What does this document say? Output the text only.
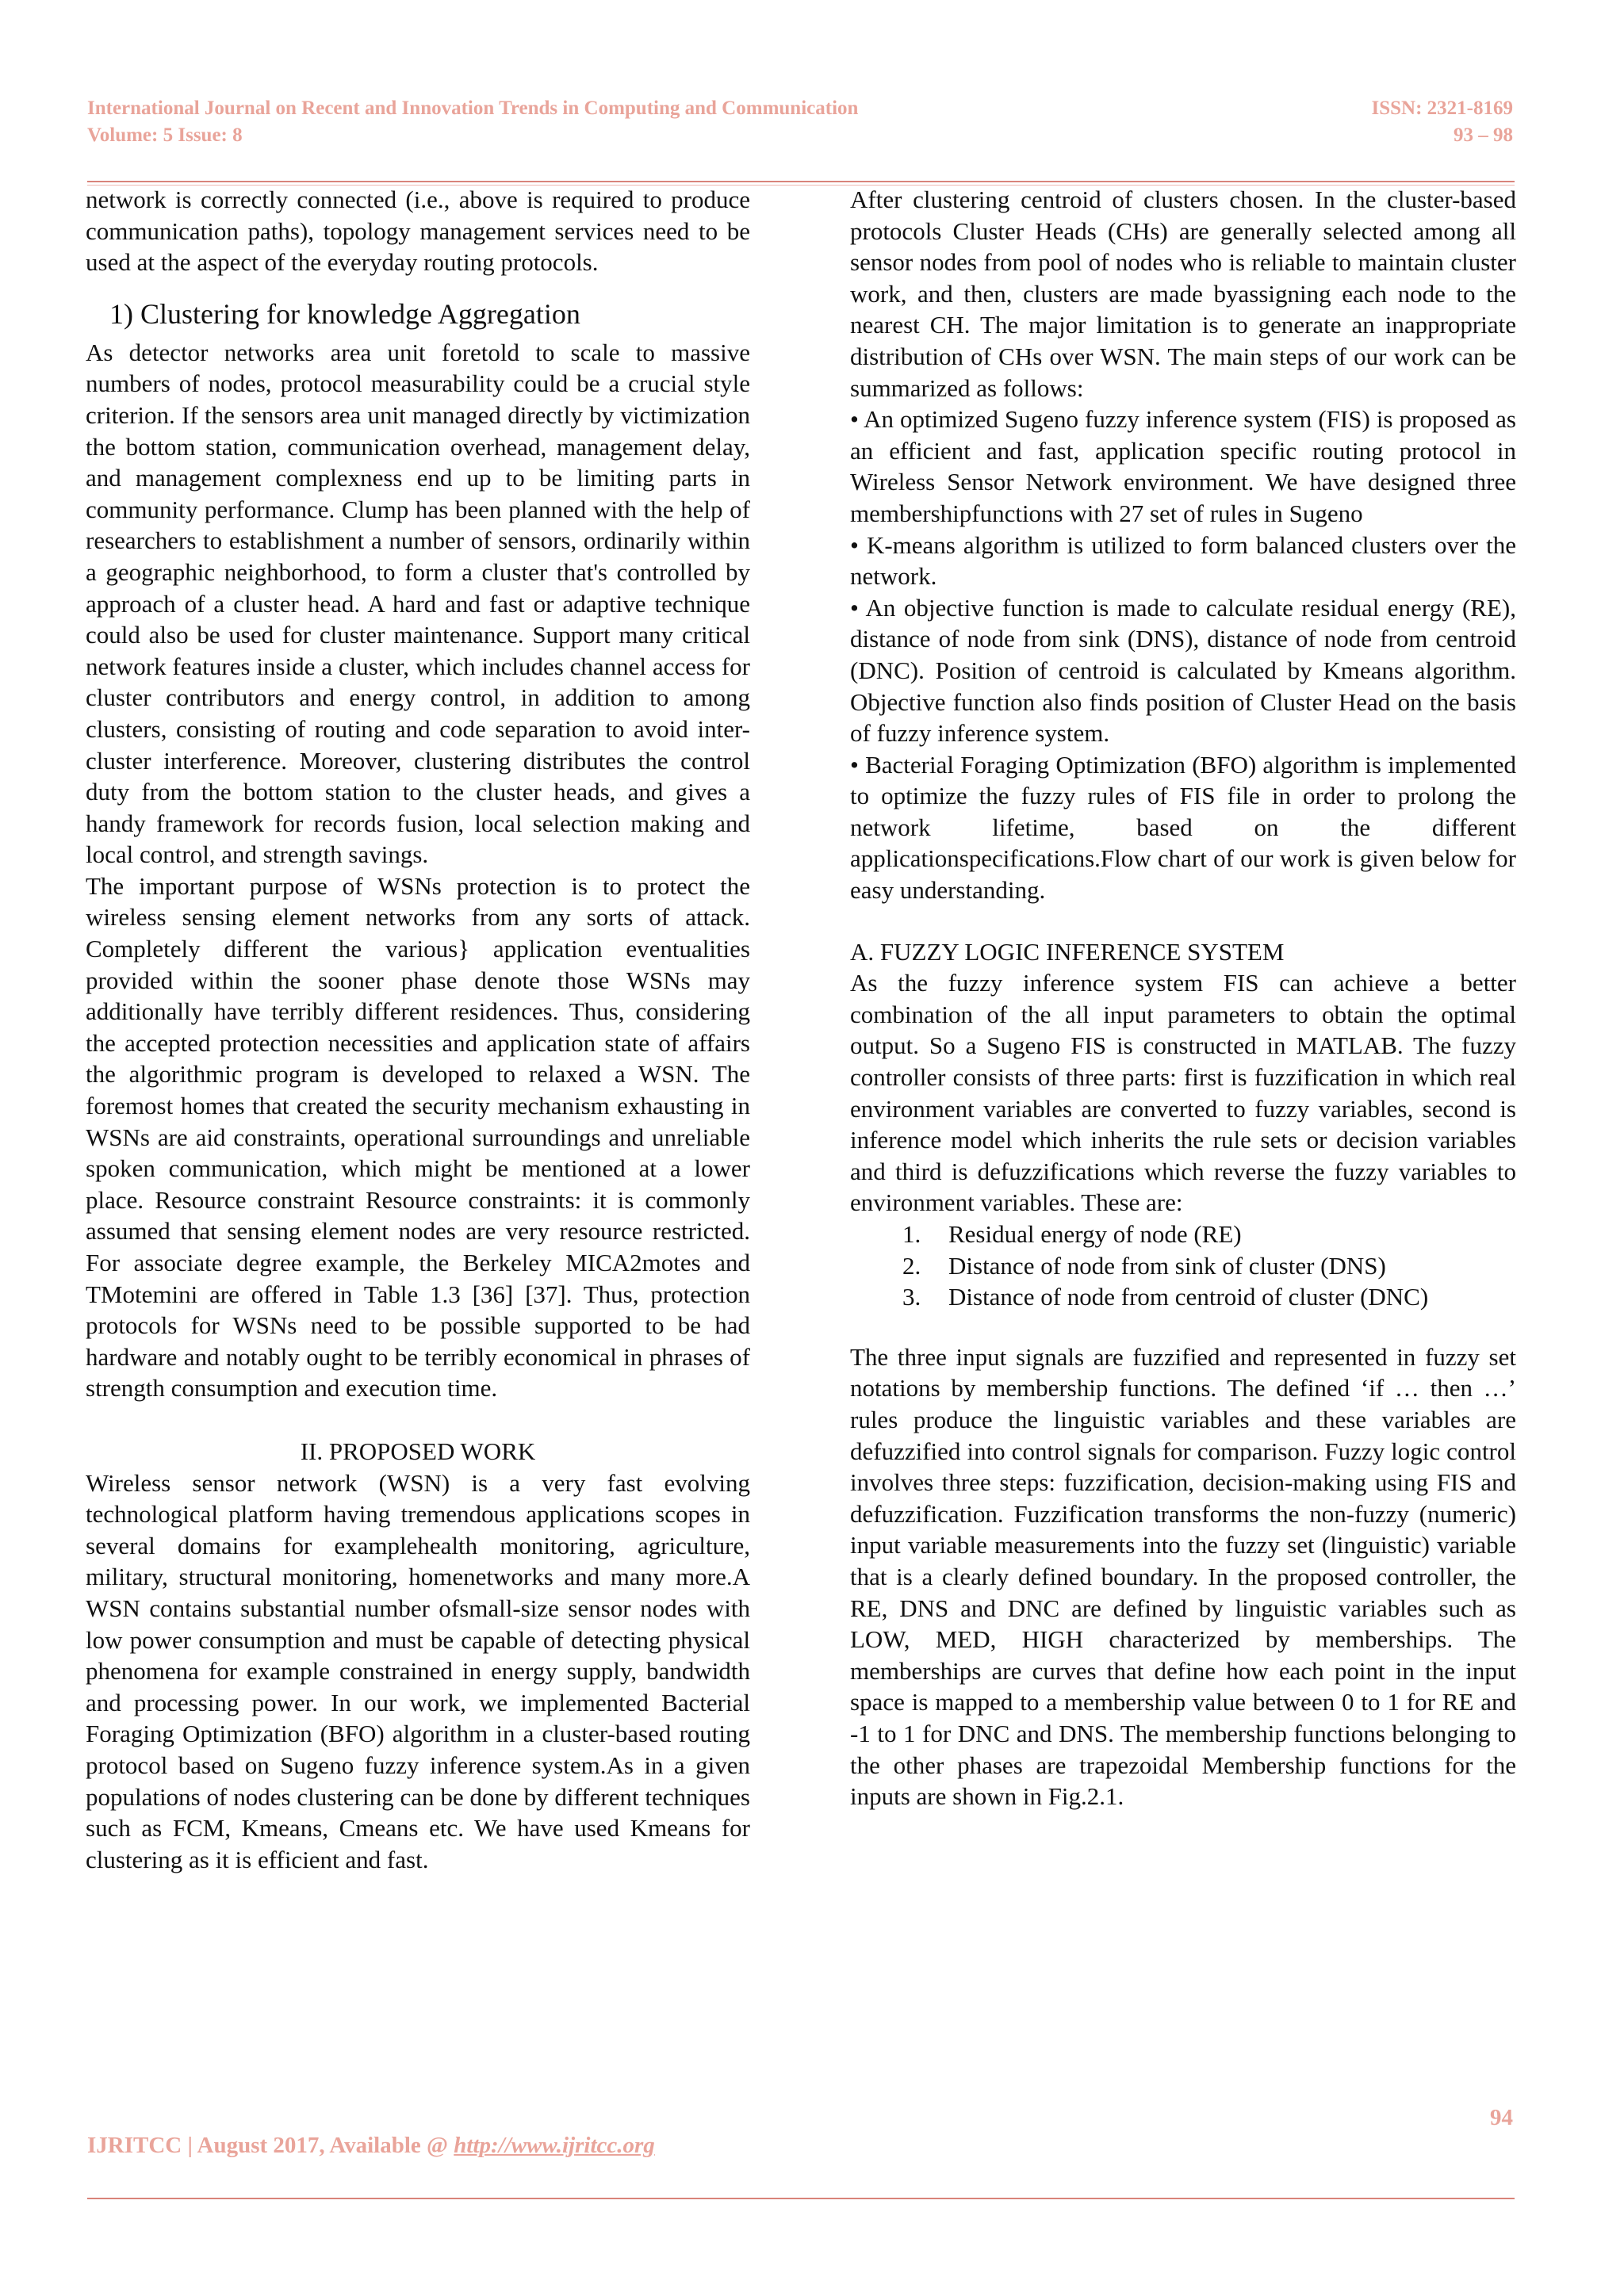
International Journal on Recent and Innovation Trends in Computing and Communication
Volume: 5 Issue: 8
ISSN: 2321-8169
93 – 98

network is correctly connected (i.e., above is required to produce communication paths), topology management services need to be used at the aspect of the everyday routing protocols.

1) Clustering for knowledge Aggregation

As detector networks area unit foretold to scale to massive numbers of nodes, protocol measurability could be a crucial style criterion. If the sensors area unit managed directly by victimization the bottom station, communication overhead, management delay, and management complexness end up to be limiting parts in community performance. Clump has been planned with the help of researchers to establishment a number of sensors, ordinarily within a geographic neighborhood, to form a cluster that's controlled by approach of a cluster head. A hard and fast or adaptive technique could also be used for cluster maintenance. Support many critical network features inside a cluster, which includes channel access for cluster contributors and energy control, in addition to among clusters, consisting of routing and code separation to avoid inter-cluster interference. Moreover, clustering distributes the control duty from the bottom station to the cluster heads, and gives a handy framework for records fusion, local selection making and local control, and strength savings.

The important purpose of WSNs protection is to protect the wireless sensing element networks from any sorts of attack. Completely different the various} application eventualities provided within the sooner phase denote those WSNs may additionally have terribly different residences. Thus, considering the accepted protection necessities and application state of affairs the algorithmic program is developed to relaxed a WSN. The foremost homes that created the security mechanism exhausting in WSNs are aid constraints, operational surroundings and unreliable spoken communication, which might be mentioned at a lower place. Resource constraint Resource constraints: it is commonly assumed that sensing element nodes are very resource restricted. For associate degree example, the Berkeley MICA2motes and TMotemini are offered in Table 1.3 [36] [37]. Thus, protection protocols for WSNs need to be possible supported to be had hardware and notably ought to be terribly economical in phrases of strength consumption and execution time.

II. PROPOSED WORK

Wireless sensor network (WSN) is a very fast evolving technological platform having tremendous applications scopes in several domains for examplehealth monitoring, agriculture, military, structural monitoring, homenetworks and many more.A WSN contains substantial number ofsmall-size sensor nodes with low power consumption and must be capable of detecting physical phenomena for example constrained in energy supply, bandwidth and processing power. In our work, we implemented Bacterial Foraging Optimization (BFO) algorithm in a cluster-based routing protocol based on Sugeno fuzzy inference system.As in a given populations of nodes clustering can be done by different techniques such as FCM, Kmeans, Cmeans etc. We have used Kmeans for clustering as it is efficient and fast.

After clustering centroid of clusters chosen. In the cluster-based protocols Cluster Heads (CHs) are generally selected among all sensor nodes from pool of nodes who is reliable to maintain cluster work, and then, clusters are made byassigning each node to the nearest CH. The major limitation is to generate an inappropriate distribution of CHs over WSN. The main steps of our work can be summarized as follows:

• An optimized Sugeno fuzzy inference system (FIS) is proposed as an efficient and fast, application specific routing protocol in Wireless Sensor Network environment. We have designed three membershipfunctions with 27 set of rules in Sugeno

• K-means algorithm is utilized to form balanced clusters over the network.

• An objective function is made to calculate residual energy (RE), distance of node from sink (DNS), distance of node from centroid (DNC). Position of centroid is calculated by Kmeans algorithm. Objective function also finds position of Cluster Head on the basis of fuzzy inference system.

• Bacterial Foraging Optimization (BFO) algorithm is implemented to optimize the fuzzy rules of FIS file in order to prolong the network lifetime, based on the different applicationspecifications.Flow chart of our work is given below for easy understanding.

A. FUZZY LOGIC INFERENCE SYSTEM

As the fuzzy inference system FIS can achieve a better combination of the all input parameters to obtain the optimal output. So a Sugeno FIS is constructed in MATLAB. The fuzzy controller consists of three parts: first is fuzzification in which real environment variables are converted to fuzzy variables, second is inference model which inherits the rule sets or decision variables and third is defuzzifications which reverse the fuzzy variables to environment variables. These are:

1. Residual energy of node (RE)
2. Distance of node from sink of cluster (DNS)
3. Distance of node from centroid of cluster (DNC)

The three input signals are fuzzified and represented in fuzzy set notations by membership functions. The defined ‘if … then …’ rules produce the linguistic variables and these variables are defuzzified into control signals for comparison. Fuzzy logic control involves three steps: fuzzification, decision-making using FIS and defuzzification. Fuzzification transforms the non-fuzzy (numeric) input variable measurements into the fuzzy set (linguistic) variable that is a clearly defined boundary. In the proposed controller, the RE, DNS and DNC are defined by linguistic variables such as LOW, MED, HIGH characterized by memberships. The memberships are curves that define how each point in the input space is mapped to a membership value between 0 to 1 for RE and -1 to 1 for DNC and DNS. The membership functions belonging to the other phases are trapezoidal Membership functions for the inputs are shown in Fig.2.1.

94
IJRITCC | August 2017, Available @ http://www.ijritcc.org
